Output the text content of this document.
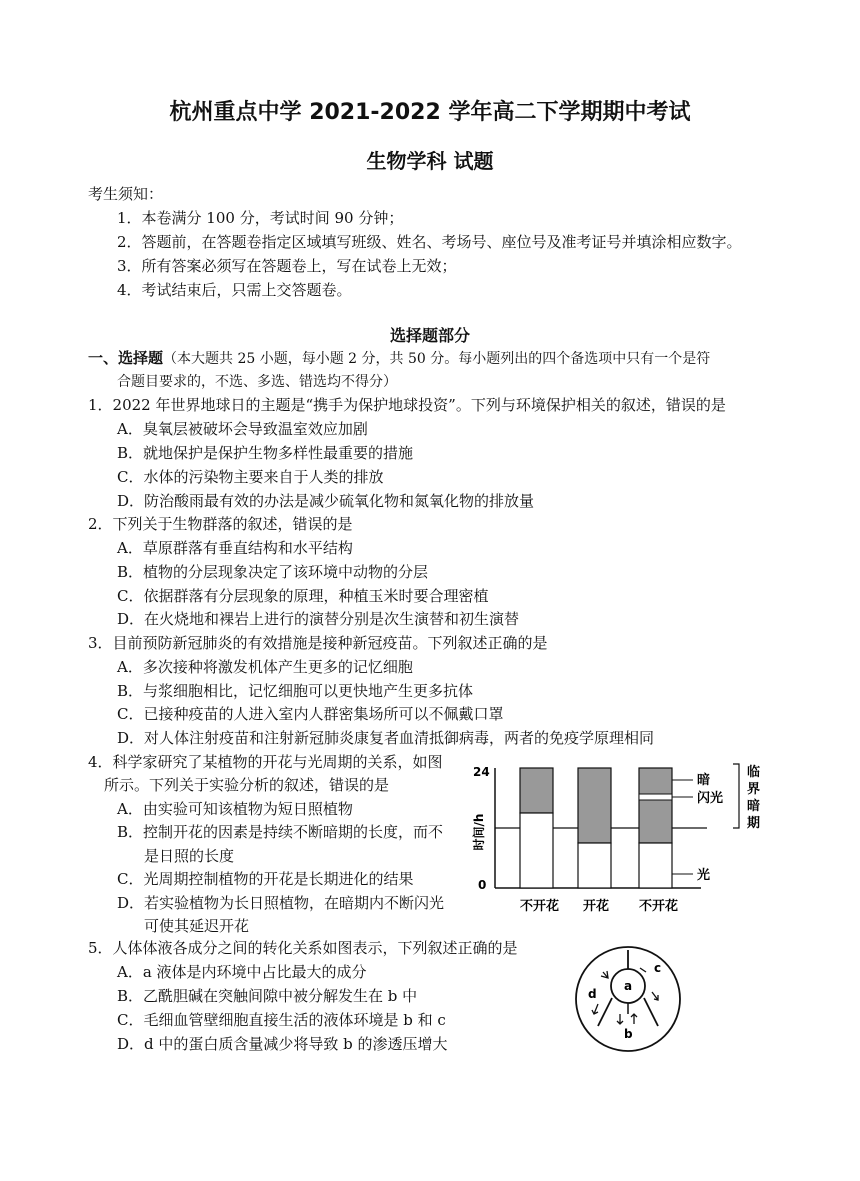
杭州重点中学 2021-2022 学年高二下学期期中考试
生物学科 试题
考生须知：
1．本卷满分 100 分，考试时间 90 分钟；
2．答题前，在答题卷指定区域填写班级、姓名、考场号、座位号及准考证号并填涂相应数字。
3．所有答案必须写在答题卷上，写在试卷上无效；
4．考试结束后，只需上交答题卷。
选择题部分
一、选择题（本大题共 25 小题，每小题 2 分，共 50 分。每小题列出的四个备选项中只有一个是符
合题目要求的，不选、多选、错选均不得分）
1．2022 年世界地球日的主题是“携手为保护地球投资”。下列与环境保护相关的叙述，错误的是
A．臭氧层被破坏会导致温室效应加剧
B．就地保护是保护生物多样性最重要的措施
C．水体的污染物主要来自于人类的排放
D．防治酸雨最有效的办法是减少硫氧化物和氮氧化物的排放量
2．下列关于生物群落的叙述，错误的是
A．草原群落有垂直结构和水平结构
B．植物的分层现象决定了该环境中动物的分层
C．依据群落有分层现象的原理，种植玉米时要合理密植
D．在火烧地和裸岩上进行的演替分别是次生演替和初生演替
3．目前预防新冠肺炎的有效措施是接种新冠疫苗。下列叙述正确的是
A．多次接种将激发机体产生更多的记忆细胞
B．与浆细胞相比，记忆细胞可以更快地产生更多抗体
C．已接种疫苗的人进入室内人群密集场所可以不佩戴口罩
D．对人体注射疫苗和注射新冠肺炎康复者血清抵御病毒，两者的免疫学原理相同
4．科学家研究了某植物的开花与光周期的关系，如图
所示。下列关于实验分析的叙述，错误的是
A．由实验可知该植物为短日照植物
B．控制开花的因素是持续不断暗期的长度，而不
是日照的长度
C．光周期控制植物的开花是长期进化的结果
D．若实验植物为长日照植物，在暗期内不断闪光
可使其延迟开花
24
0
时间/h
暗
闪光
光
临界暗期
不开花 开花 不开花
5．人体体液各成分之间的转化关系如图表示，下列叙述正确的是
A．a 液体是内环境中占比最大的成分
B．乙酰胆碱在突触间隙中被分解发生在 b 中
C．毛细血管壁细胞直接生活的液体环境是 b 和 c
D．d 中的蛋白质含量减少将导致 b 的渗透压增大
a
b
c
d
